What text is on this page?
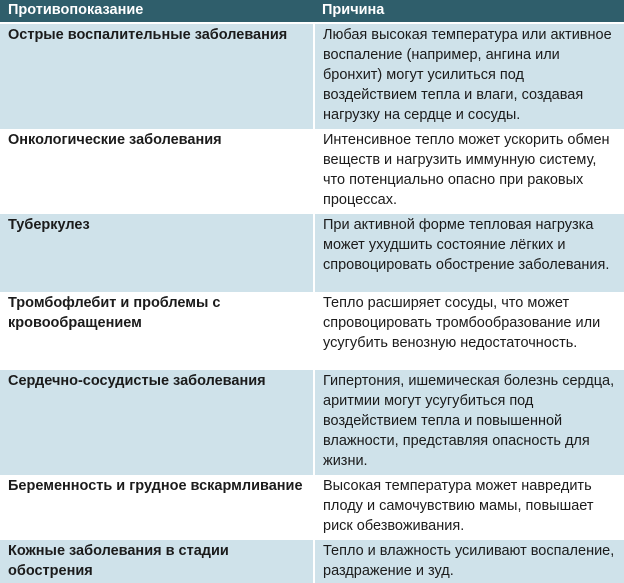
Противопоказание	Причина
Острые воспалительные заболевания	Любая высокая температура или активное воспаление (например, ангина или бронхит) могут усилиться под воздействием тепла и влаги, создавая нагрузку на сердце и сосуды.
Онкологические заболевания	Интенсивное тепло может ускорить обмен веществ и нагрузить иммунную систему, что потенциально опасно при раковых процессах.
Туберкулез	При активной форме тепловая нагрузка может ухудшить состояние лёгких и спровоцировать обострение заболевания.
Тромбофлебит и проблемы с кровообращением	Тепло расширяет сосуды, что может спровоцировать тромбообразование или усугубить венозную недостаточность.
Сердечно-сосудистые заболевания	Гипертония, ишемическая болезнь сердца, аритмии могут усугубиться под воздействием тепла и повышенной влажности, представляя опасность для жизни.
Беременность и грудное вскармливание	Высокая температура может навредить плоду и самочувствию мамы, повышает риск обезвоживания.
Кожные заболевания в стадии обострения	Тепло и влажность усиливают воспаление, раздражение и зуд.
